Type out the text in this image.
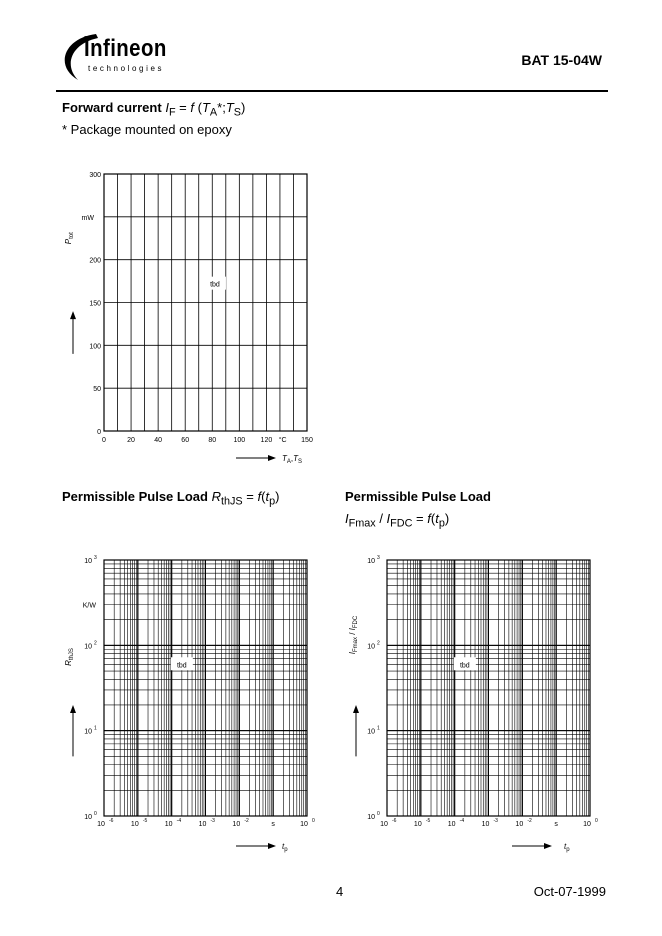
Infineon
technologies
BAT 15-04W
Forward current $I_F = f$ $(T_A*;T_S)$
* Package mounted on epoxy
Permissible Pulse Load $R_{thJS} = f(t_p)$	Permissible Pulse Load
$I_{Fmax} / I_{FDC} = f(t_p)$
0
50
100
150
200
300
0	20	40	60	80 100 120	150
°C
mW
$P_{tot}$
$T_A,T_S$
tbd
10 0
10 1
10 2
10 3
10 -6 10 -5 10 -4 10 -3 10 -2	10 0
s
K/W
$R_{thJS}$
$t_p$
tbd
10 0
10 1
10 2
10 3
10 -6 10 -5 10 -4 10 -3 10 -2	10 0
s
$I_{Fmax} / I_{FDC}$
$t_p$
tbd
4	Oct-07-1999
